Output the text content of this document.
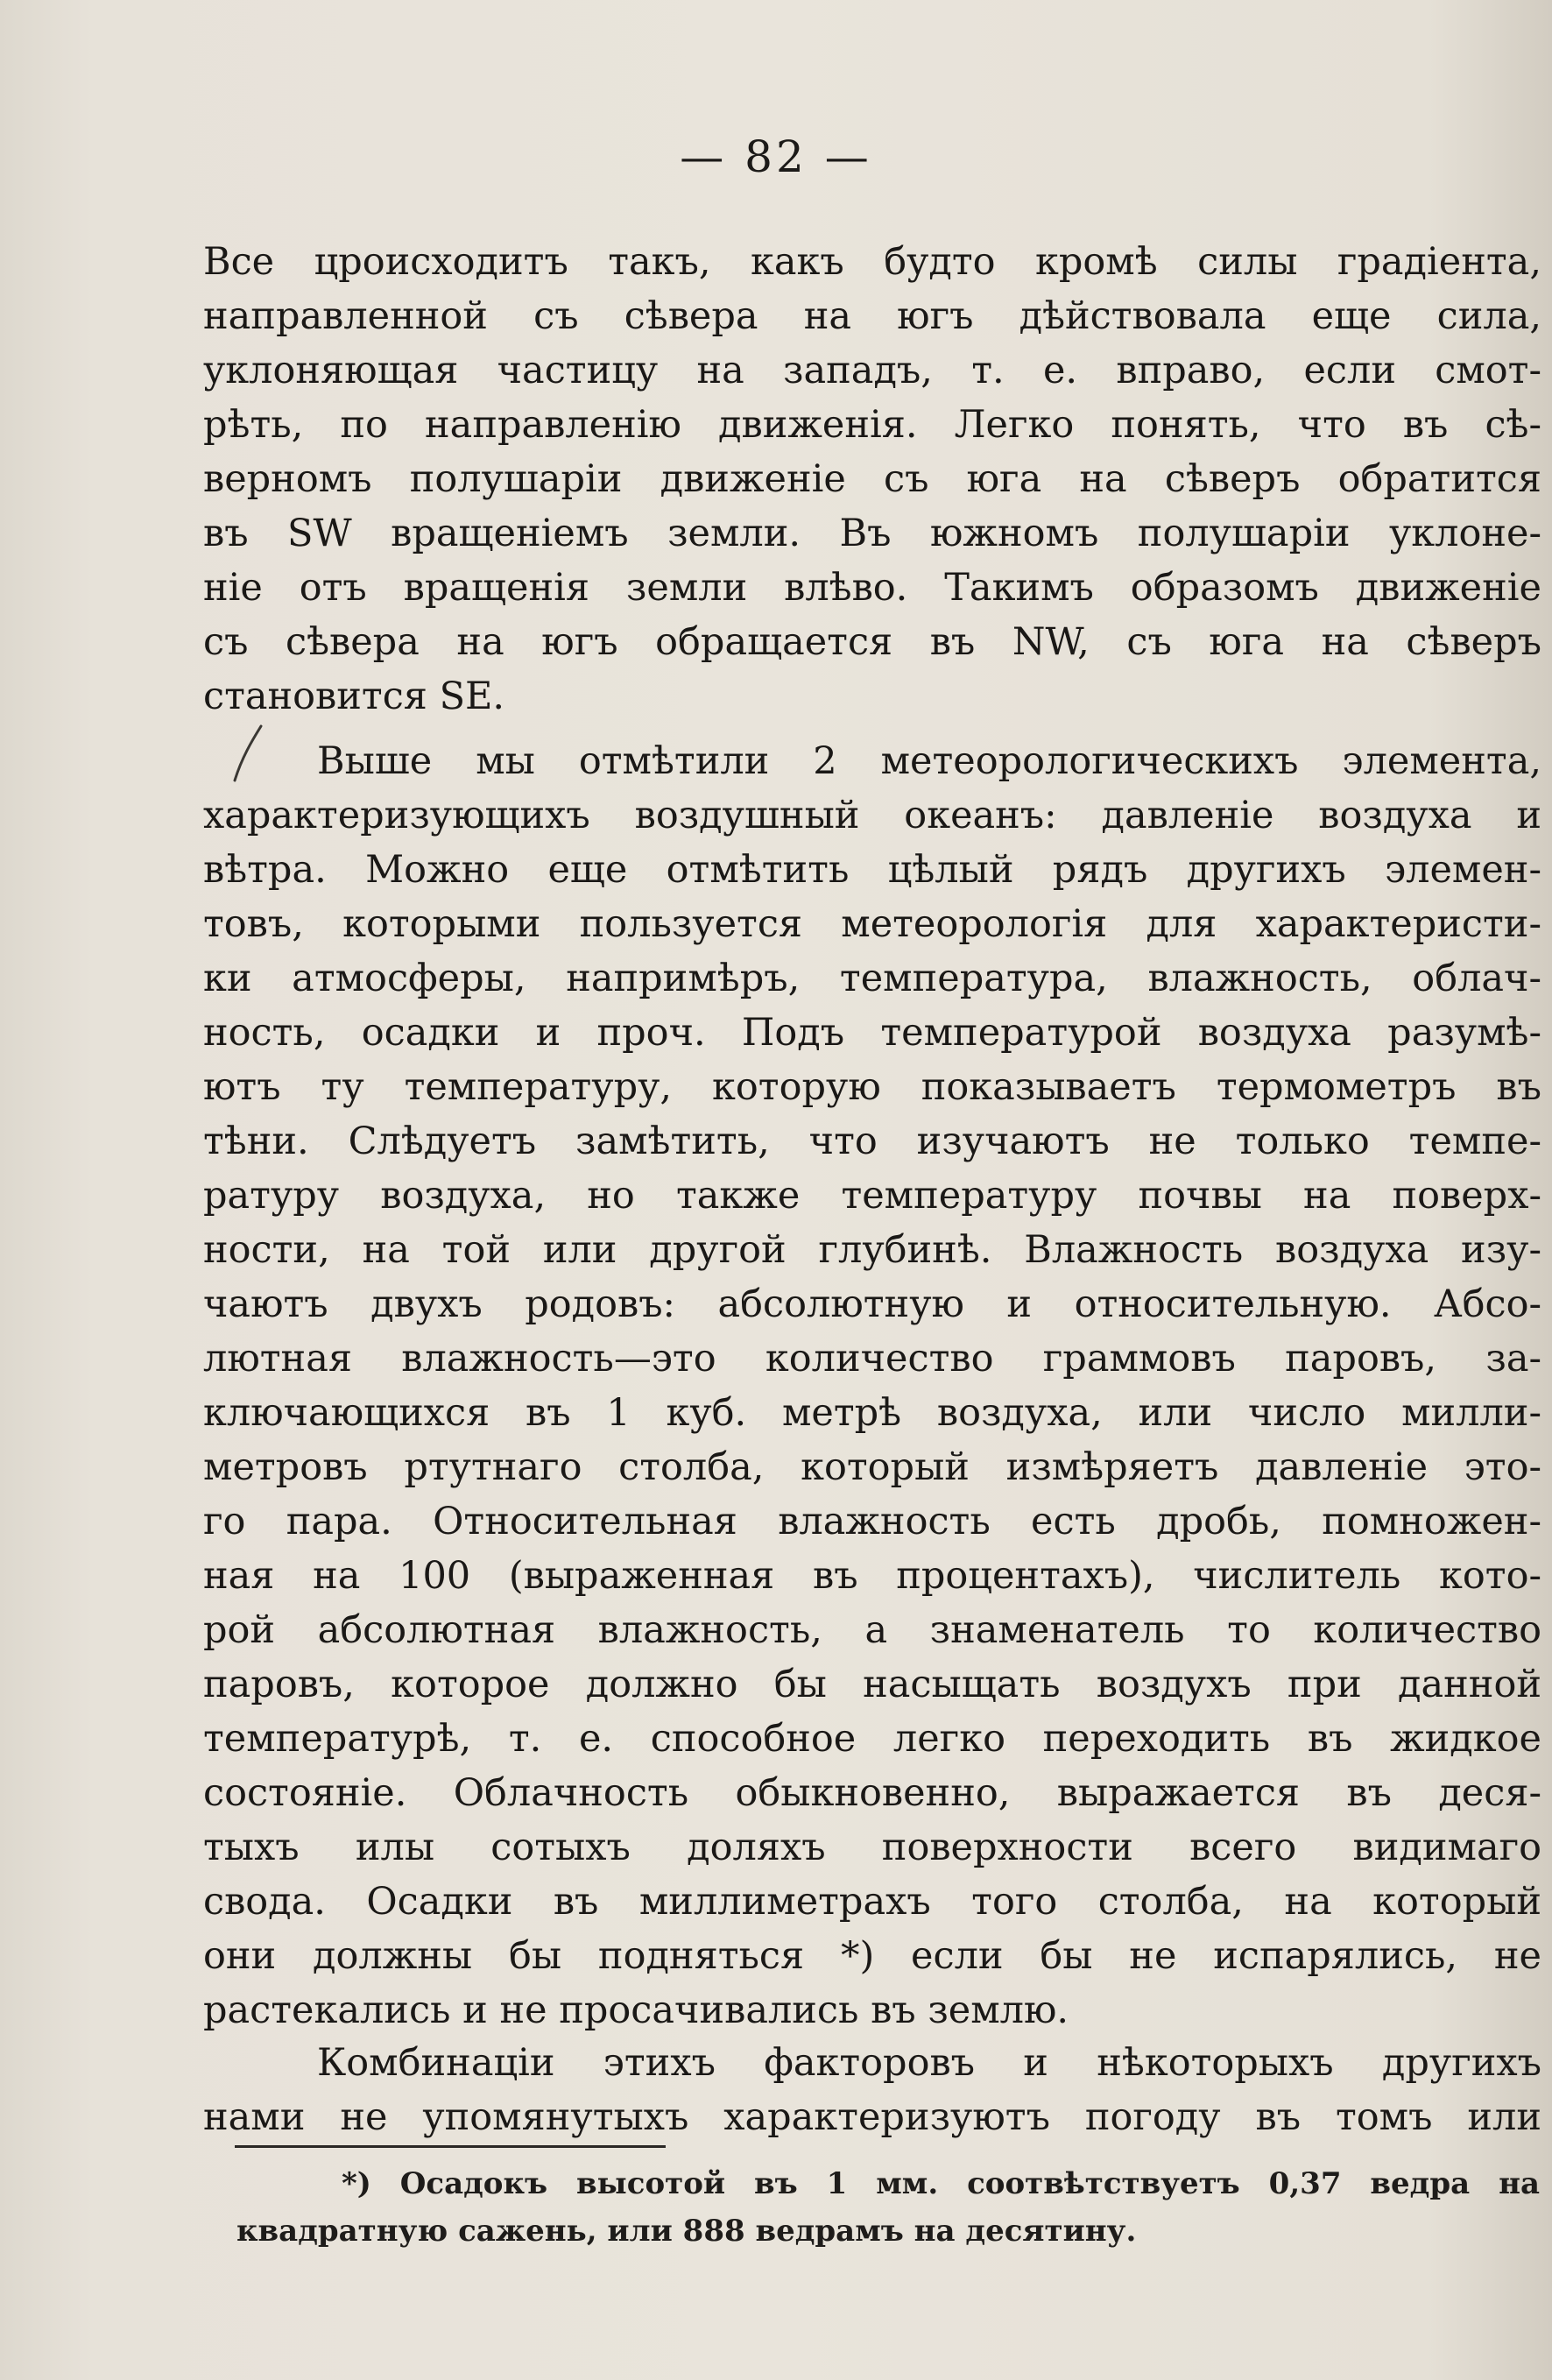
— 82 —
Все цроисходитъ такъ, какъ будто кромѣ силы градіента,
направленной съ сѣвера на югъ дѣйствовала еще сила,
уклоняющая частицу на западъ, т. е. вправо, если смот-
рѣть, по направленію движенія. Легко понять, что въ сѣ-
верномъ полушаріи движеніе съ юга на сѣверъ обратится
въ SW вращеніемъ земли. Въ южномъ полушаріи уклоне-
ніе отъ вращенія земли влѣво. Такимъ образомъ движеніе
съ сѣвера на югъ обращается въ NW, съ юга на сѣверъ
становится SE.
Выше мы отмѣтили 2 метеорологическихъ элемента,
характеризующихъ воздушный океанъ: давленіе воздуха и
вѣтра. Можно еще отмѣтить цѣлый рядъ другихъ элемен-
товъ, которыми пользуется метеорологія для характеристи-
ки атмосферы, напримѣръ, температура, влажность, облач-
ность, осадки и проч. Подъ температурой воздуха разумѣ-
ютъ ту температуру, которую показываетъ термометръ въ
тѣни. Слѣдуетъ замѣтить, что изучаютъ не только темпе-
ратуру воздуха, но также температуру почвы на поверх-
ности, на той или другой глубинѣ. Влажность воздуха изу-
чаютъ двухъ родовъ: абсолютную и относительную. Абсо-
лютная влажность—это количество граммовъ паровъ, за-
ключающихся въ 1 куб. метрѣ воздуха, или число милли-
метровъ ртутнаго столба, который измѣряетъ давленіе это-
го пара. Относительная влажность есть дробь, помножен-
ная на 100 (выраженная въ процентахъ), числитель кото-
рой абсолютная влажность, а знаменатель то количество
паровъ, которое должно бы насыщать воздухъ при данной
температурѣ, т. е. способное легко переходить въ жидкое
состояніе. Облачность обыкновенно, выражается въ деся-
тыхъ илы сотыхъ доляхъ поверхности всего видимаго
свода. Осадки въ миллиметрахъ того столба, на который
они должны бы подняться *) если бы не испарялись, не
растекались и не просачивались въ землю.
Комбинаціи этихъ факторовъ и нѣкоторыхъ другихъ
нами не упомянутыхъ характеризуютъ погоду въ томъ или
*) Осадокъ высотой въ 1 мм. соотвѣтствуетъ 0,37 ведра на
квадратную сажень, или 888 ведрамъ на десятину.
